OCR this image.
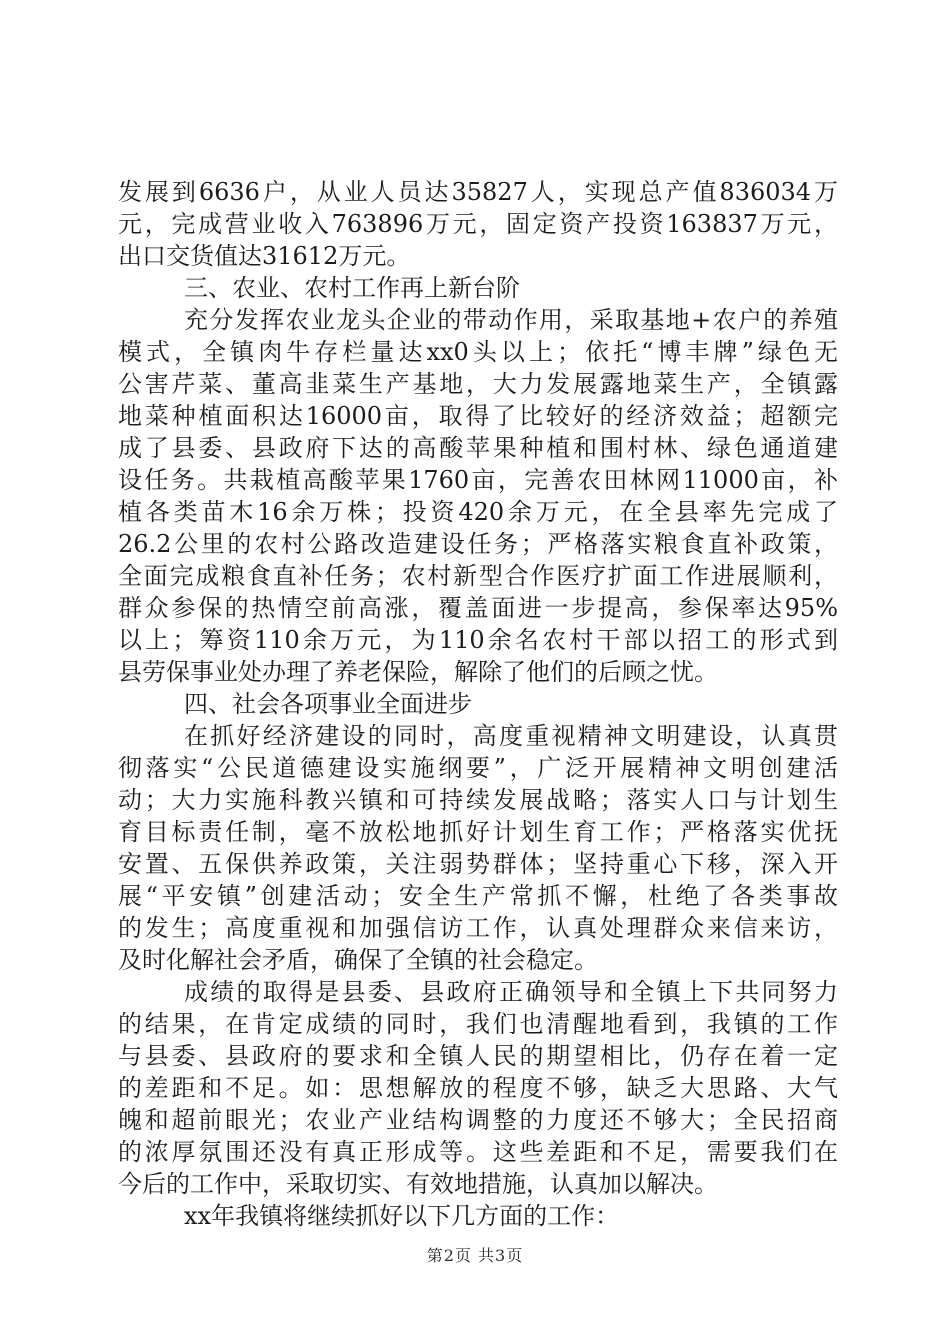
发展到6636户，从业人员达35827人，实现总产值836034万
元，完成营业收入763896万元，固定资产投资163837万元，
出口交货值达31612万元。
三、农业、农村工作再上新台阶
充分发挥农业龙头企业的带动作用，采取基地+农户的养殖
模式，全镇肉牛存栏量达xx0头以上；依托“博丰牌”绿色无
公害芹菜、董高韭菜生产基地，大力发展露地菜生产，全镇露
地菜种植面积达16000亩，取得了比较好的经济效益；超额完
成了县委、县政府下达的高酸苹果种植和围村林、绿色通道建
设任务。共栽植高酸苹果1760亩，完善农田林网11000亩，补
植各类苗木16余万株；投资420余万元，在全县率先完成了
26.2公里的农村公路改造建设任务；严格落实粮食直补政策，
全面完成粮食直补任务；农村新型合作医疗扩面工作进展顺利，
群众参保的热情空前高涨，覆盖面进一步提高，参保率达95%
以上；筹资110余万元，为110余名农村干部以招工的形式到
县劳保事业处办理了养老保险，解除了他们的后顾之忧。
四、社会各项事业全面进步
在抓好经济建设的同时，高度重视精神文明建设，认真贯
彻落实“公民道德建设实施纲要”，广泛开展精神文明创建活
动；大力实施科教兴镇和可持续发展战略；落实人口与计划生
育目标责任制，毫不放松地抓好计划生育工作；严格落实优抚
安置、五保供养政策，关注弱势群体；坚持重心下移，深入开
展“平安镇”创建活动；安全生产常抓不懈，杜绝了各类事故
的发生；高度重视和加强信访工作，认真处理群众来信来访，
及时化解社会矛盾，确保了全镇的社会稳定。
成绩的取得是县委、县政府正确领导和全镇上下共同努力
的结果，在肯定成绩的同时，我们也清醒地看到，我镇的工作
与县委、县政府的要求和全镇人民的期望相比，仍存在着一定
的差距和不足。如：思想解放的程度不够，缺乏大思路、大气
魄和超前眼光；农业产业结构调整的力度还不够大；全民招商
的浓厚氛围还没有真正形成等。这些差距和不足，需要我们在
今后的工作中，采取切实、有效地措施，认真加以解决。
xx年我镇将继续抓好以下几方面的工作：
第2页 共3页
